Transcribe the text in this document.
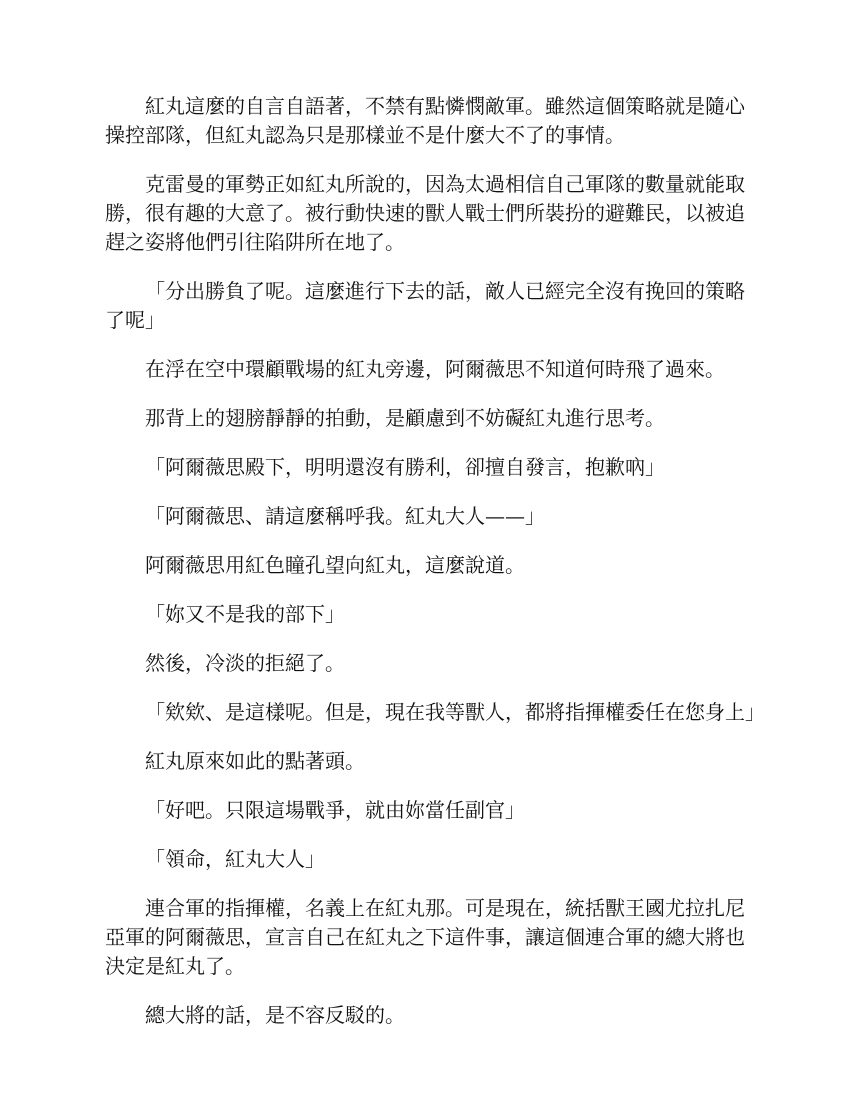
紅丸這麼的自言自語著，不禁有點憐憫敵軍。雖然這個策略就是隨心操控部隊，但紅丸認為只是那樣並不是什麼大不了的事情。

克雷曼的軍勢正如紅丸所說的，因為太過相信自己軍隊的數量就能取勝，很有趣的大意了。被行動快速的獸人戰士們所裝扮的避難民，以被追趕之姿將他們引往陷阱所在地了。

「分出勝負了呢。這麼進行下去的話，敵人已經完全沒有挽回的策略了呢」

在浮在空中環顧戰場的紅丸旁邊，阿爾薇思不知道何時飛了過來。

那背上的翅膀靜靜的拍動，是顧慮到不妨礙紅丸進行思考。

「阿爾薇思殿下，明明還沒有勝利，卻擅自發言，抱歉吶」

「阿爾薇思、請這麼稱呼我。紅丸大人——」

阿爾薇思用紅色瞳孔望向紅丸，這麼說道。

「妳又不是我的部下」

然後，冷淡的拒絕了。

「欸欸、是這樣呢。但是，現在我等獸人，都將指揮權委任在您身上」

紅丸原來如此的點著頭。

「好吧。只限這場戰爭，就由妳當任副官」

「領命，紅丸大人」

連合軍的指揮權，名義上在紅丸那。可是現在，統括獸王國尤拉扎尼亞軍的阿爾薇思，宣言自己在紅丸之下這件事，讓這個連合軍的總大將也決定是紅丸了。

總大將的話，是不容反駁的。
